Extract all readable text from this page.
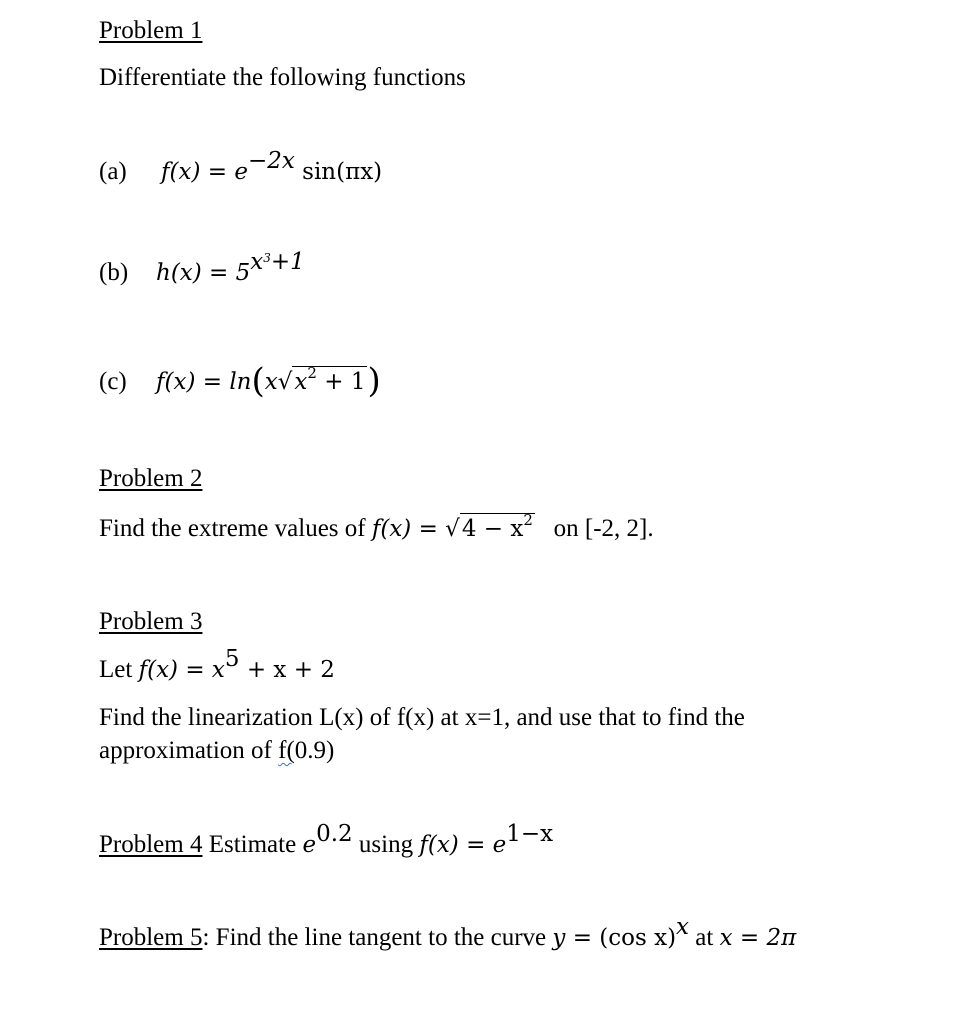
Problem 1
Differentiate the following functions
(a) $f(x) = e^{-2x}$ sin(πx)
(b) $h(x) = 5^{x^3+1}$
(c) $f(x) = \ln(x√x^2 + 1)$
Problem 2
Find the extreme values of $f(x) = √4 - x^2$ on [-2, 2].
Problem 3
Let $f(x) = x^5 + x + 2$
Find the linearization L(x) of f(x) at x=1, and use that to find the
approximation of f(0.9)
Problem 4 Estimate $e^{0.2}$ using $f(x) = e^{1-x}$
Problem 5: Find the line tangent to the curve y = (cos x)$^x$ at x = 2π
